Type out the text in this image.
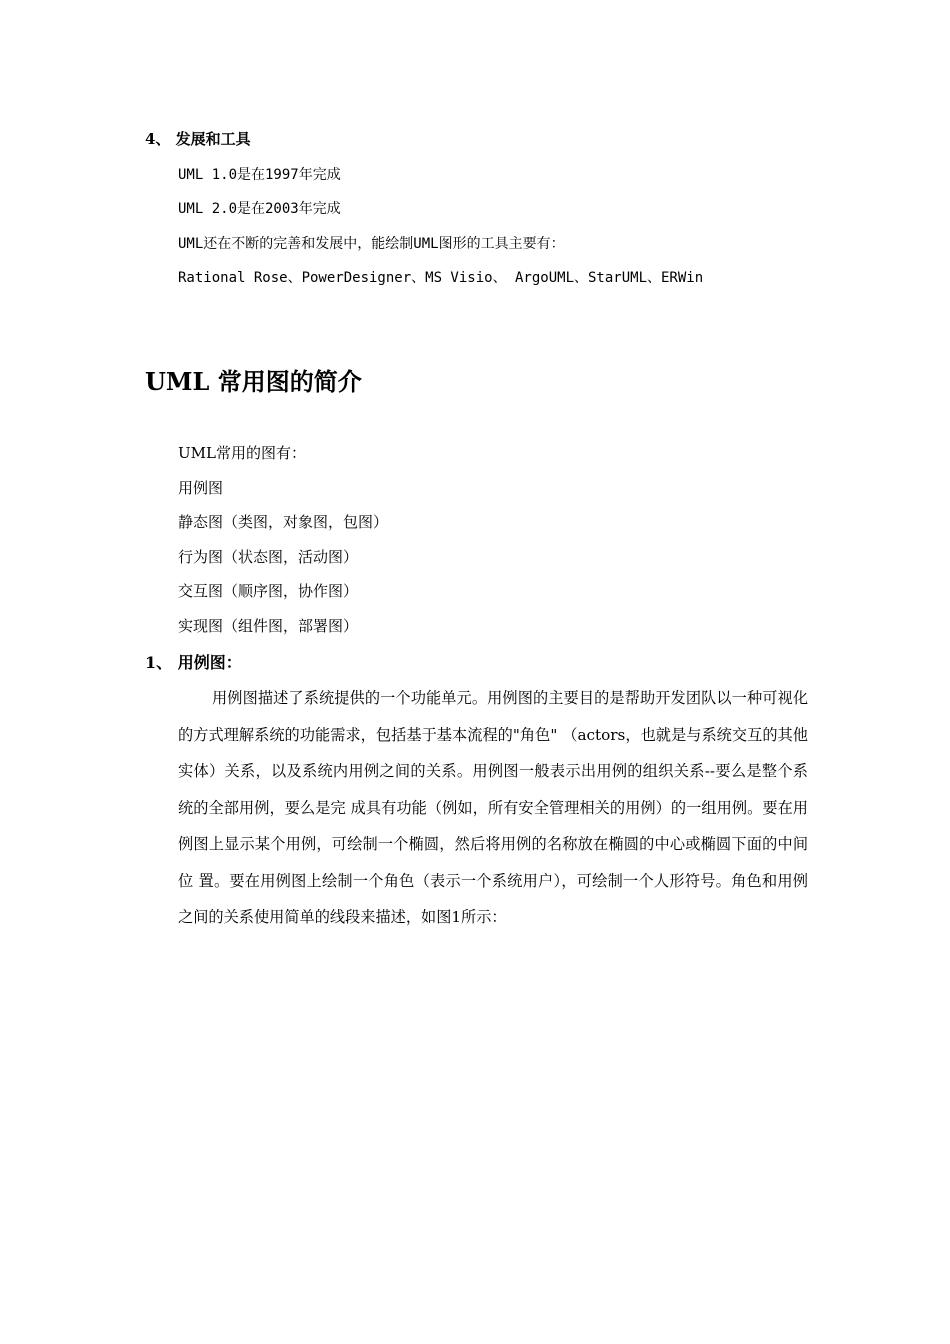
4、 发展和工具
UML 1.0是在1997年完成
UML 2.0是在2003年完成
UML还在不断的完善和发展中，能绘制UML图形的工具主要有：
Rational Rose、PowerDesigner、MS Visio、 ArgoUML、StarUML、ERWin
UML 常用图的简介
UML常用的图有：
用例图
静态图（类图，对象图，包图）
行为图（状态图，活动图）
交互图（顺序图，协作图）
实现图（组件图，部署图）
1、 用例图：
用例图描述了系统提供的一个功能单元。用例图的主要目的是帮助开发团队以一种可视化的方式理解系统的功能需求，包括基于基本流程的"角色" （actors，也就是与系统交互的其他实体）关系，以及系统内用例之间的关系。用例图一般表示出用例的组织关系--要么是整个系统的全部用例，要么是完 成具有功能（例如，所有安全管理相关的用例）的一组用例。要在用例图上显示某个用例，可绘制一个椭圆，然后将用例的名称放在椭圆的中心或椭圆下面的中间位 置。要在用例图上绘制一个角色（表示一个系统用户），可绘制一个人形符号。角色和用例之间的关系使用简单的线段来描述，如图1所示：
